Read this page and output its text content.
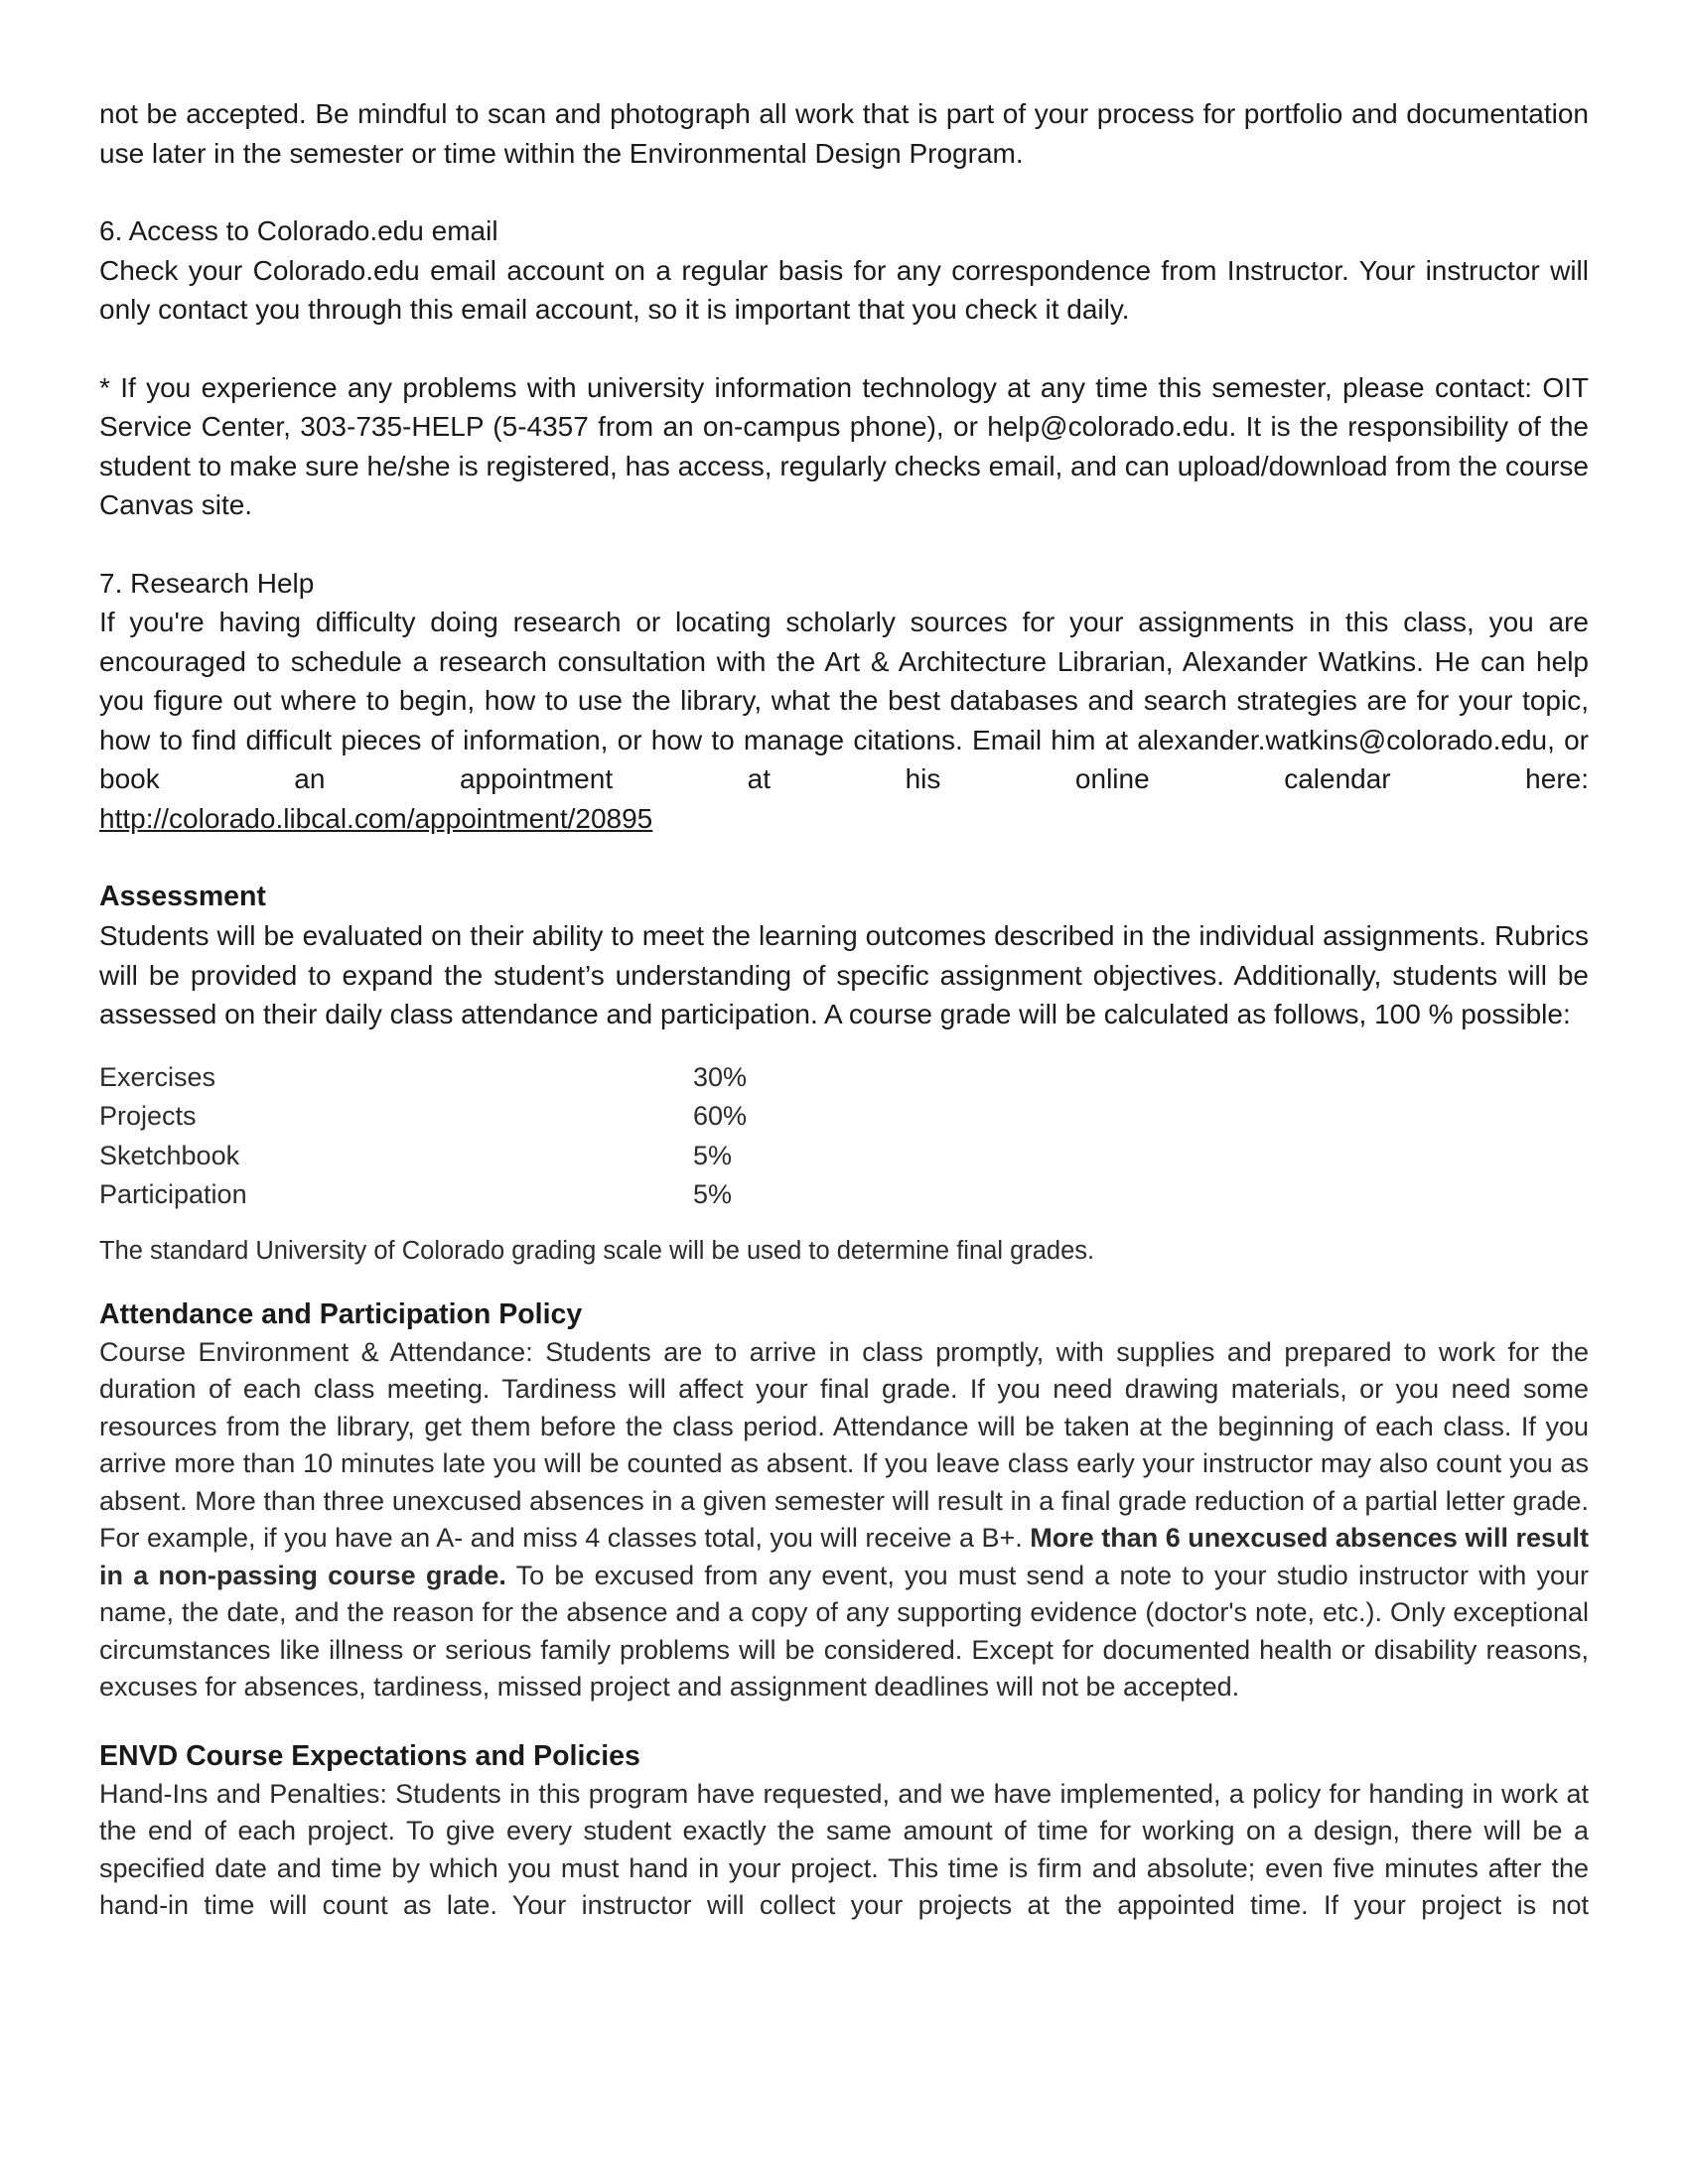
not be accepted. Be mindful to scan and photograph all work that is part of your process for portfolio and documentation use later in the semester or time within the Environmental Design Program.

6. Access to Colorado.edu email

Check your Colorado.edu email account on a regular basis for any correspondence from Instructor. Your instructor will only contact you through this email account, so it is important that you check it daily.

* If you experience any problems with university information technology at any time this semester, please contact: OIT Service Center, 303-735-HELP (5-4357 from an on-campus phone), or help@colorado.edu. It is the responsibility of the student to make sure he/she is registered, has access, regularly checks email, and can upload/download from the course Canvas site.

7. Research Help

If you're having difficulty doing research or locating scholarly sources for your assignments in this class, you are encouraged to schedule a research consultation with the Art & Architecture Librarian, Alexander Watkins. He can help you figure out where to begin, how to use the library, what the best databases and search strategies are for your topic, how to find difficult pieces of information, or how to manage citations. Email him at alexander.watkins@colorado.edu, or book an appointment at his online calendar here:

http://colorado.libcal.com/appointment/20895
Assessment

Students will be evaluated on their ability to meet the learning outcomes described in the individual assignments. Rubrics will be provided to expand the student’s understanding of specific assignment objectives. Additionally, students will be assessed on their daily class attendance and participation. A course grade will be calculated as follows, 100 % possible:

Exercises	30%
Projects	60%
Sketchbook	5%
Participation	5%
The standard University of Colorado grading scale will be used to determine final grades.
Attendance and Participation Policy

Course Environment & Attendance: Students are to arrive in class promptly, with supplies and prepared to work for the duration of each class meeting. Tardiness will affect your final grade. If you need drawing materials, or you need some resources from the library, get them before the class period. Attendance will be taken at the beginning of each class. If you arrive more than 10 minutes late you will be counted as absent. If you leave class early your instructor may also count you as absent. More than three unexcused absences in a given semester will result in a final grade reduction of a partial letter grade. For example, if you have an A- and miss 4 classes total, you will receive a B+. More than 6 unexcused absences will result in a non-passing course grade. To be excused from any event, you must send a note to your studio instructor with your name, the date, and the reason for the absence and a copy of any supporting evidence (doctor's note, etc.). Only exceptional circumstances like illness or serious family problems will be considered. Except for documented health or disability reasons, excuses for absences, tardiness, missed project and assignment deadlines will not be accepted.

ENVD Course Expectations and Policies

Hand-Ins and Penalties: Students in this program have requested, and we have implemented, a policy for handing in work at the end of each project. To give every student exactly the same amount of time for working on a design, there will be a specified date and time by which you must hand in your project. This time is firm and absolute; even five minutes after the hand-in time will count as late. Your instructor will collect your projects at the appointed time. If your project is not
